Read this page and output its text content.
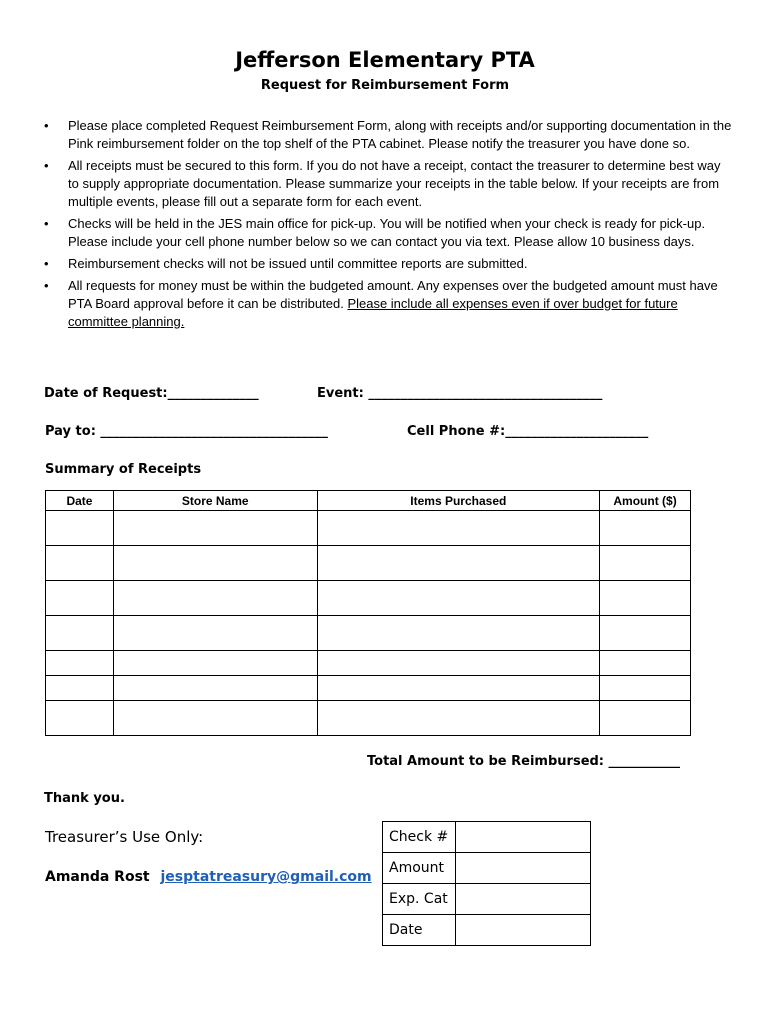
Jefferson Elementary PTA
Request for Reimbursement Form
• Please place completed Request Reimbursement Form, along with receipts and/or supporting documentation in the Pink reimbursement folder on the top shelf of the PTA cabinet. Please notify the treasurer you have done so.
• All receipts must be secured to this form. If you do not have a receipt, contact the treasurer to determine best way to supply appropriate documentation. Please summarize your receipts in the table below. If your receipts are from multiple events, please fill out a separate form for each event.
• Checks will be held in the JES main office for pick-up. You will be notified when your check is ready for pick-up. Please include your cell phone number below so we can contact you via text. Please allow 10 business days.
• Reimbursement checks will not be issued until committee reports are submitted.
• All requests for money must be within the budgeted amount. Any expenses over the budgeted amount must have PTA Board approval before it can be distributed. Please include all expenses even if over budget for future committee planning.
Date of Request:______________	Event: ____________________________________
Pay to: ___________________________________	Cell Phone #:______________________
Summary of Receipts
Date	Store Name	Items Purchased	Amount ($)

Total Amount to be Reimbursed: ___________
Thank you.
Treasurer’s Use Only:
Amanda Rost jesptatreasury@gmail.com
Check #	
Amount	
Exp. Cat	
Date	
